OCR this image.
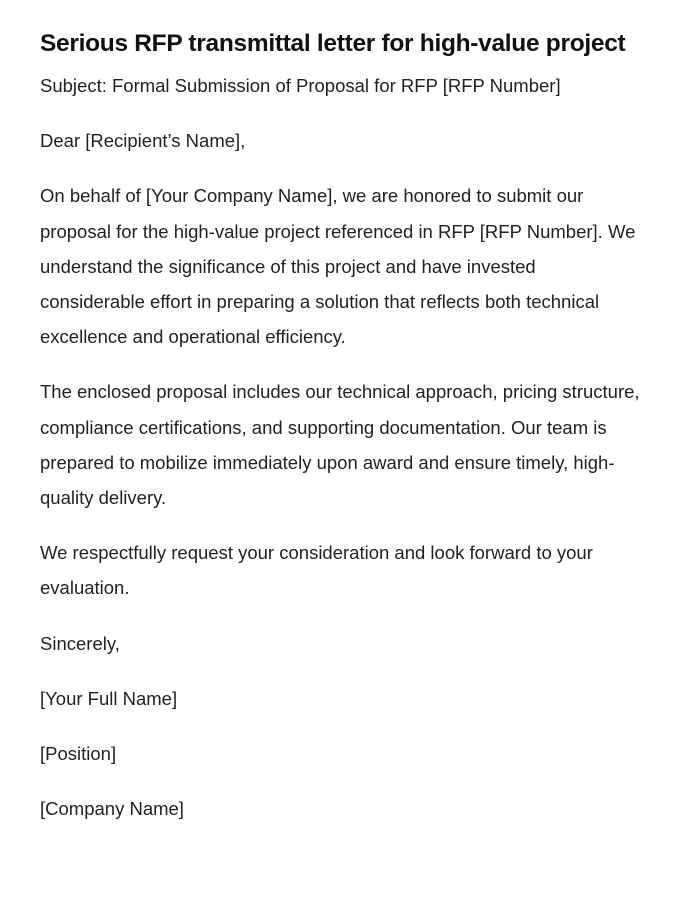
Serious RFP transmittal letter for high-value project

Subject: Formal Submission of Proposal for RFP [RFP Number]

Dear [Recipient’s Name],

On behalf of [Your Company Name], we are honored to submit our proposal for the high-value project referenced in RFP [RFP Number]. We understand the significance of this project and have invested considerable effort in preparing a solution that reflects both technical excellence and operational efficiency.

The enclosed proposal includes our technical approach, pricing structure, compliance certifications, and supporting documentation. Our team is prepared to mobilize immediately upon award and ensure timely, high-quality delivery.

We respectfully request your consideration and look forward to your evaluation.

Sincerely,

[Your Full Name]

[Position]

[Company Name]
